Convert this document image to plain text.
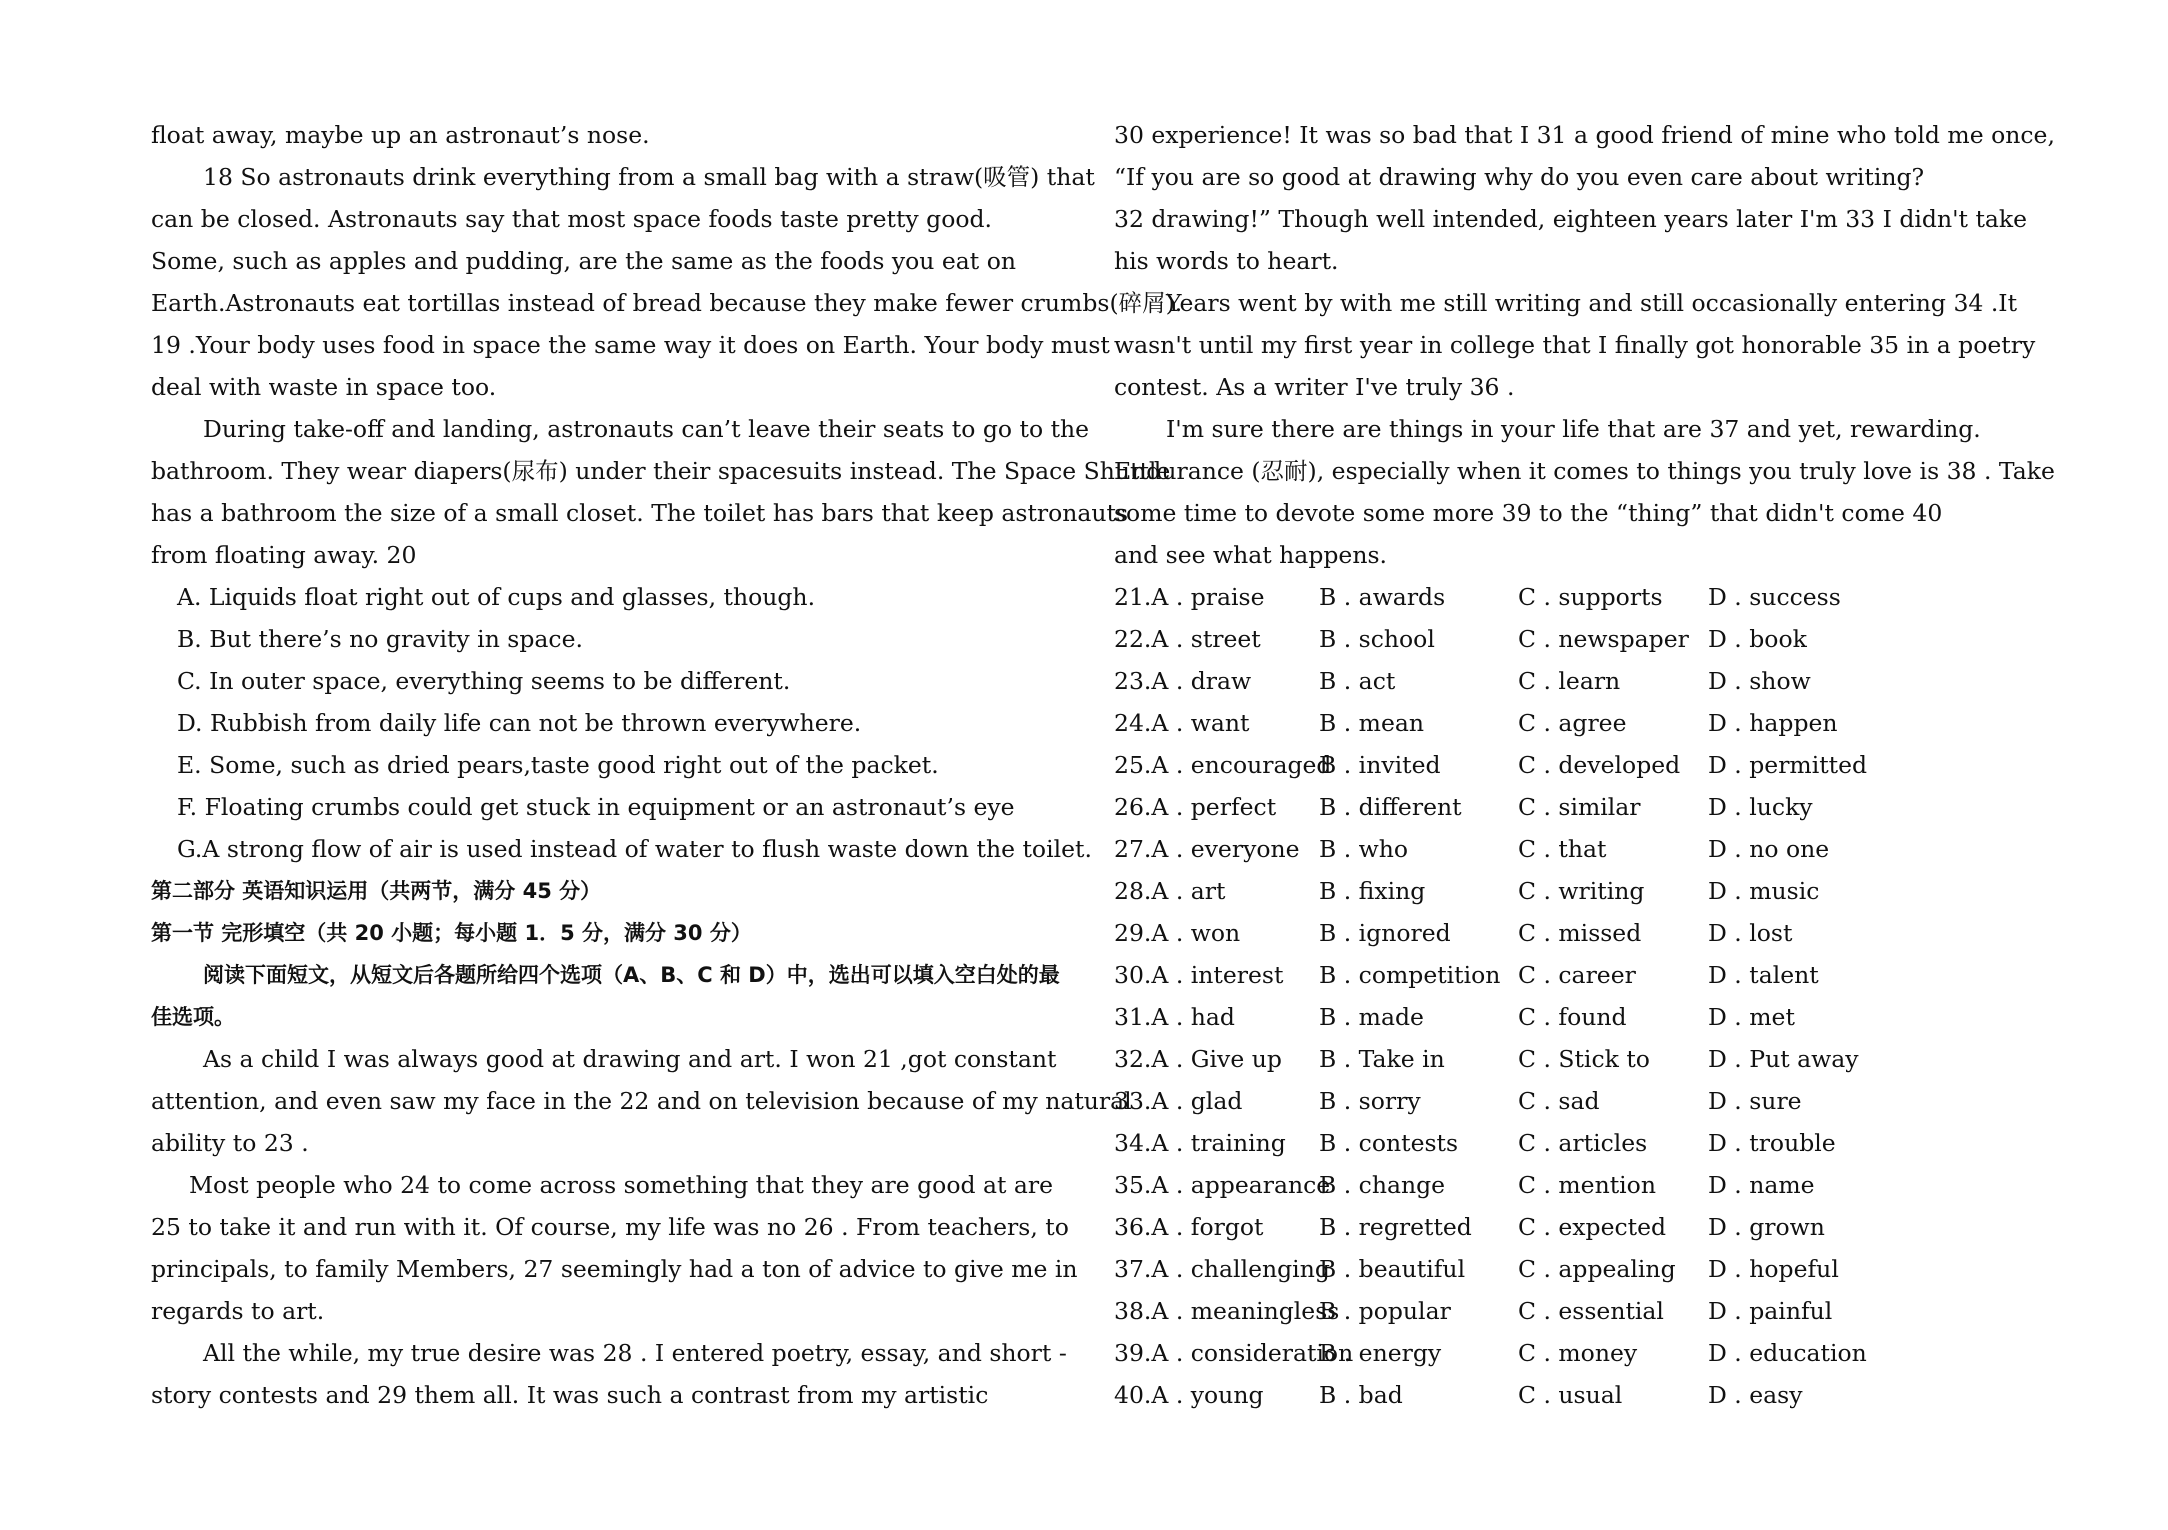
float away, maybe up an astronaut’s nose.
18 So astronauts drink everything from a small bag with a straw(吸管) that
can be closed. Astronauts say that most space foods taste pretty good.
Some, such as apples and pudding, are the same as the foods you eat on
Earth.Astronauts eat tortillas instead of bread because they make fewer crumbs(碎屑).
19 .Your body uses food in space the same way it does on Earth. Your body must
deal with waste in space too.
During take-off and landing, astronauts can’t leave their seats to go to the
bathroom. They wear diapers(尿布) under their spacesuits instead. The Space Shuttle
has a bathroom the size of a small closet. The toilet has bars that keep astronauts
from floating away. 20
A. Liquids float right out of cups and glasses, though.
B. But there’s no gravity in space.
C. In outer space, everything seems to be different.
D. Rubbish from daily life can not be thrown everywhere.
E. Some, such as dried pears,taste good right out of the packet.
F. Floating crumbs could get stuck in equipment or an astronaut’s eye
G.A strong flow of air is used instead of water to flush waste down the toilet.
第二部分 英语知识运用（共两节，满分 45 分）
第一节 完形填空（共 20 小题；每小题 1．5 分，满分 30 分）
阅读下面短文，从短文后各题所给四个选项（A、B、C 和 D）中，选出可以填入空白处的最
佳选项。
As a child I was always good at drawing and art. I won 21 ,got constant
attention, and even saw my face in the 22 and on television because of my natural
ability to 23 .
Most people who 24 to come across something that they are good at are
25 to take it and run with it. Of course, my life was no 26 . From teachers, to
principals, to family Members, 27 seemingly had a ton of advice to give me in
regards to art.
All the while, my true desire was 28 . I entered poetry, essay, and short -
story contests and 29 them all. It was such a contrast from my artistic
30 experience! It was so bad that I 31 a good friend of mine who told me once,
“If you are so good at drawing why do you even care about writing?
32 drawing!” Though well intended, eighteen years later I'm 33 I didn't take
his words to heart.
Years went by with me still writing and still occasionally entering 34 .It
wasn't until my first year in college that I finally got honorable 35 in a poetry
contest. As a writer I've truly 36 .
I'm sure there are things in your life that are 37 and yet, rewarding.
Endurance (忍耐), especially when it comes to things you truly love is 38 . Take
some time to devote some more 39 to the “thing” that didn't come 40
and see what happens.
21.A . praise B . awards	C . supports D . success
22.A . street B . school	C . newspaper D . book
23.A . draw	B . act	C . learn	D . show
24.A . want	B . mean	C . agree	D . happen
25.A . encouraged
B . invited	C . developed D . permitted
26.A . perfect B . different C . similar	D . lucky
27.A . everyone B . who	C . that	D . no one
28.A . art	B . fixing	C . writing	D . music
29.A . won	B . ignored	C . missed	D . lost
30.A . interest B . competition C . career	D . talent
31.A . had	B . made	C . found	D . met
32.A . Give up B . Take in	C . Stick to D . Put away
33.A . glad	B . sorry	C . sad	D . sure
34.A . training B . contests	C . articles	D . trouble
35.A . appearance
B . change	C . mention D . name
36.A . forgot B . regretted C . expected D . grown
37.A . challenging
B . beautiful C . appealing D . hopeful
38.A . meaningless
B . popular	C . essential D . painful
39.A . consideration
B . energy	C . money	D . education
40.A . young B . bad	C . usual	D . easy
